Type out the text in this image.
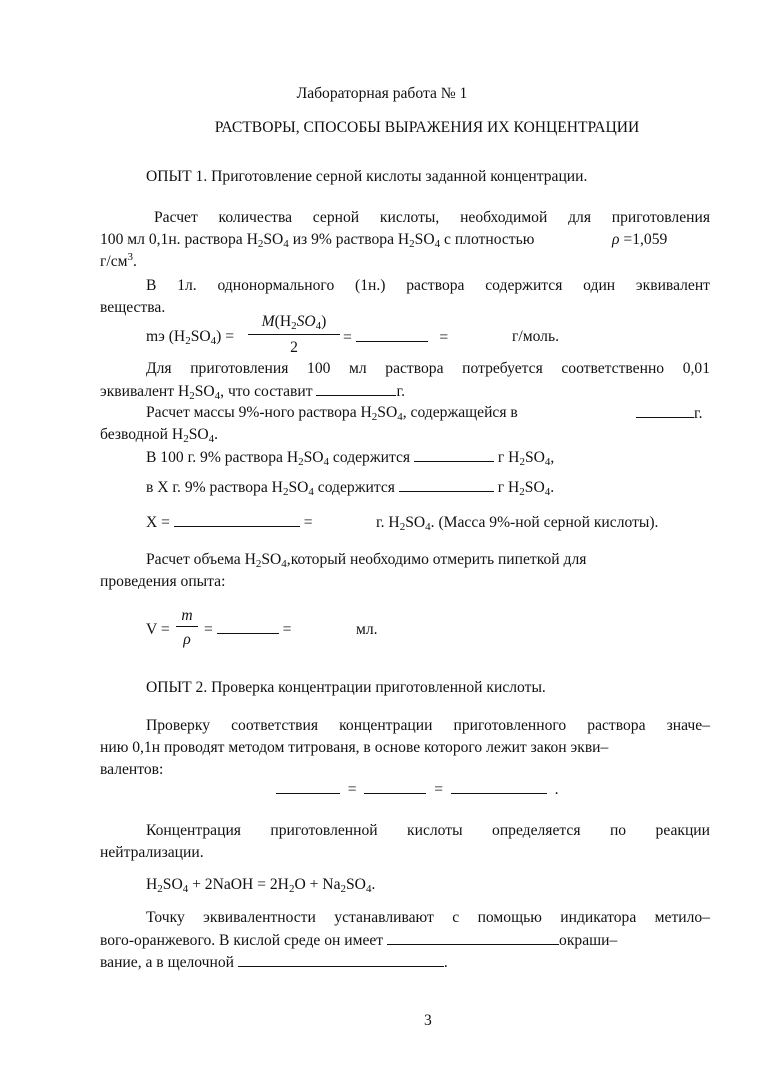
Лабораторная работа № 1
РАСТВОРЫ, СПОСОБЫ ВЫРАЖЕНИЯ ИХ КОНЦЕНТРАЦИИ
ОПЫТ 1. Приготовление серной кислоты заданной концентрации.
Расчет количества серной кислоты, необходимой для приготовления
100 мл 0,1н. раствора $H_2SO_4$ из 9% раствора $H_2SO_4$ с плотностью	ρ =1,059
$г/см^3$.
В 1л. однонормального (1н.) раствора содержится один эквивалент
вещества.
mэ $(H_2SO_4)$ =
$M(H_2SO_4)$
2
=	=	г/моль.
Для приготовления 100 мл раствора потребуется соответственно 0,01
эквивалент $H_2SO_4$, что составит	г.
Расчет массы 9%-ного раствора $H_2SO_4$, содержащейся в	г.
безводной $H_2SO_4$.
В 100 г. 9% раствора $H_2SO_4$ содержится	г $H_2SO_4$,
в X г. 9% раствора $H_2SO_4$ содержится	г $H_2SO_4$.
X =	=	г. $H_2SO_4$. (Масса 9%-ной серной кислоты).
Расчет объема $H_2SO_4,который$ необходимо отмерить пипеткой для
проведения опыта:
V =
m
ρ
=	=	мл.
ОПЫТ 2. Проверка концентрации приготовленной кислоты.
Проверку соответствия концентрации приготовленного раствора значе–
нию 0,1н проводят методом титрованя, в основе которого лежит закон экви–
валентов:
=	=	.
Концентрация приготовленной кислоты определяется по реакции
нейтрализации.
$H_2SO_4$ + 2NaOH = $2H_2O + Na_2SO_4$.
Точку эквивалентности устанавливают с помощью индикатора метило–
вого-оранжевого. В кислой среде он имеет	окраши–
вание, а в щелочной	.
3
